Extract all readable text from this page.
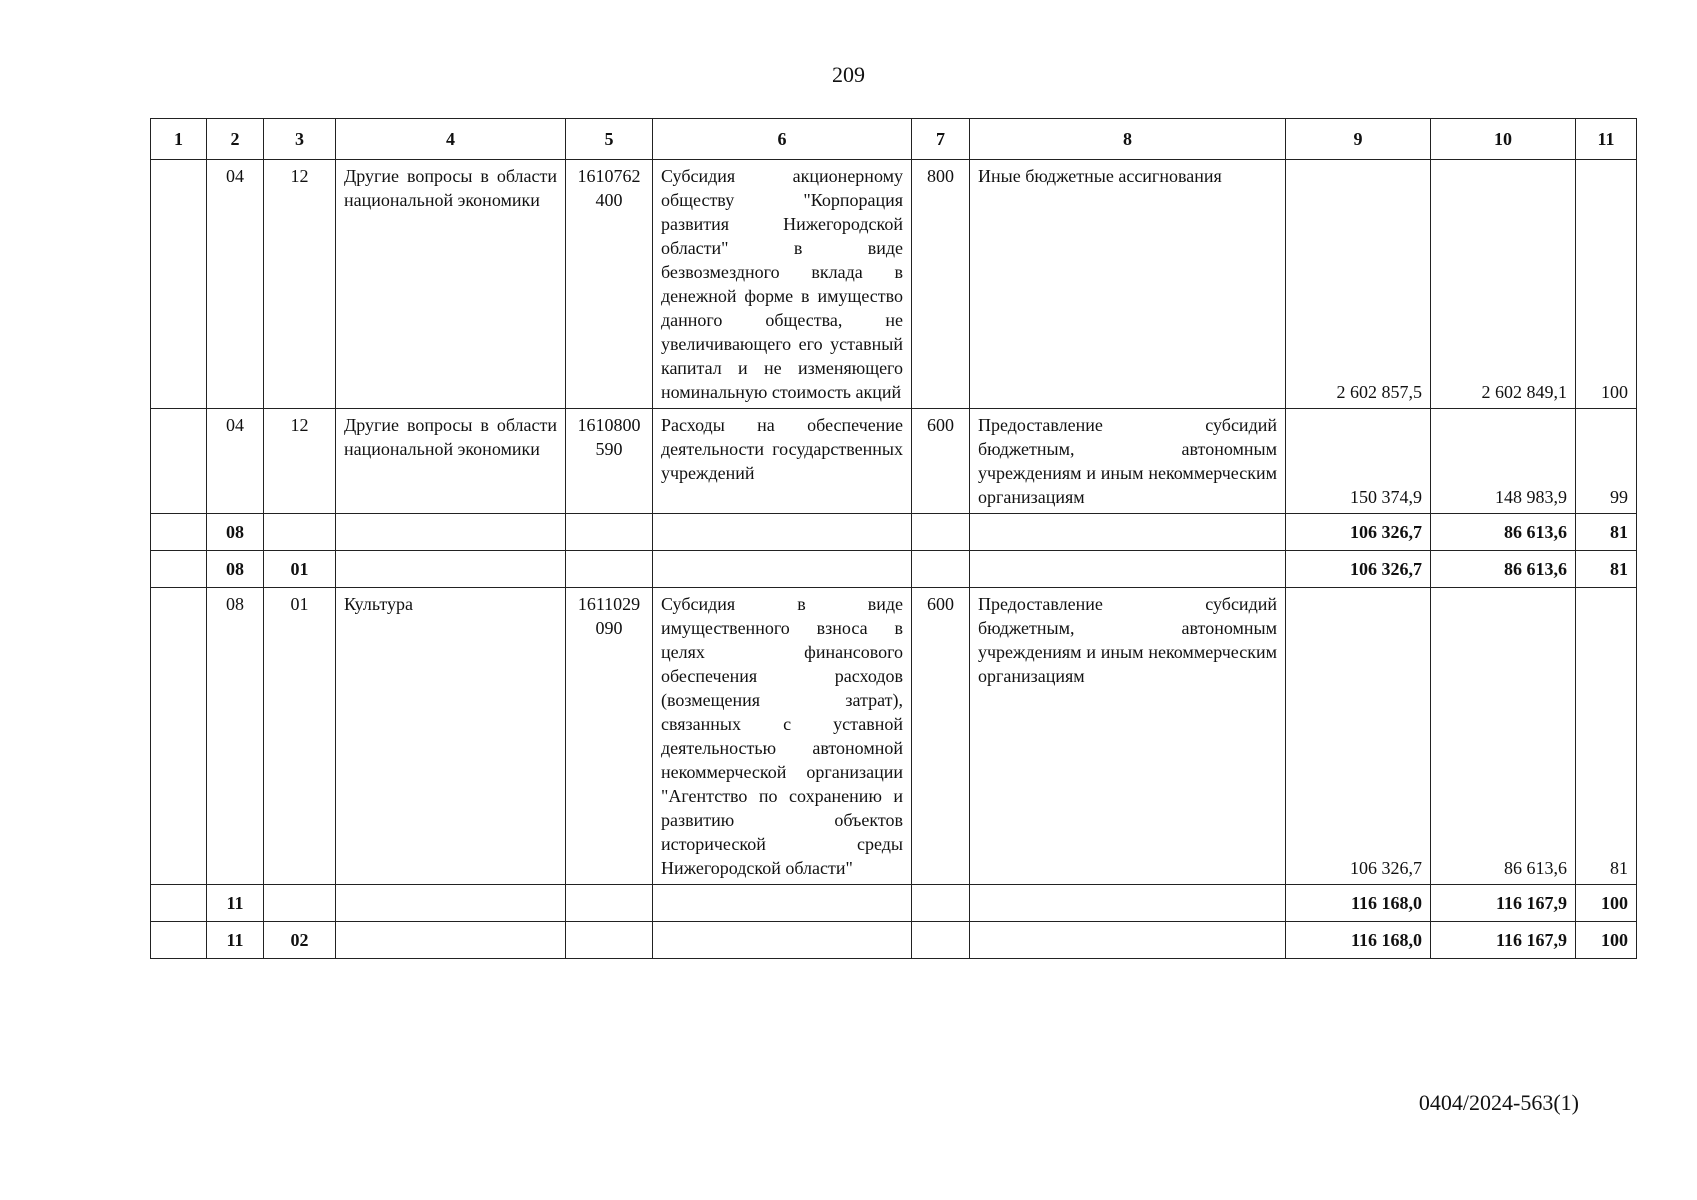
209
1	2	3	4	5	6	7	8	9	10	11
	04	12	Другие вопросы в области национальной экономики	1610762400	Субсидия акционерному обществу "Корпорация развития Нижегородской области" в виде безвозмездного вклада в денежной форме в имущество данного общества, не увеличивающего его уставный капитал и не изменяющего номинальную стоимость акций	800	Иные бюджетные ассигнования	2 602 857,5	2 602 849,1	100
	04	12	Другие вопросы в области национальной экономики	1610800590	Расходы на обеспечение деятельности государственных учреждений	600	Предоставление субсидий бюджетным, автономным учреждениям и иным некоммерческим организациям	150 374,9	148 983,9	99
	08							106 326,7	86 613,6	81
	08	01						106 326,7	86 613,6	81
	08	01	Культура	1611029090	Субсидия в виде имущественного взноса в целях финансового обеспечения расходов (возмещения затрат), связанных с уставной деятельностью автономной некоммерческой организации "Агентство по сохранению и развитию объектов исторической среды Нижегородской области"	600	Предоставление субсидий бюджетным, автономным учреждениям и иным некоммерческим организациям	106 326,7	86 613,6	81
	11							116 168,0	116 167,9	100
	11	02						116 168,0	116 167,9	100
0404/2024-563(1)
